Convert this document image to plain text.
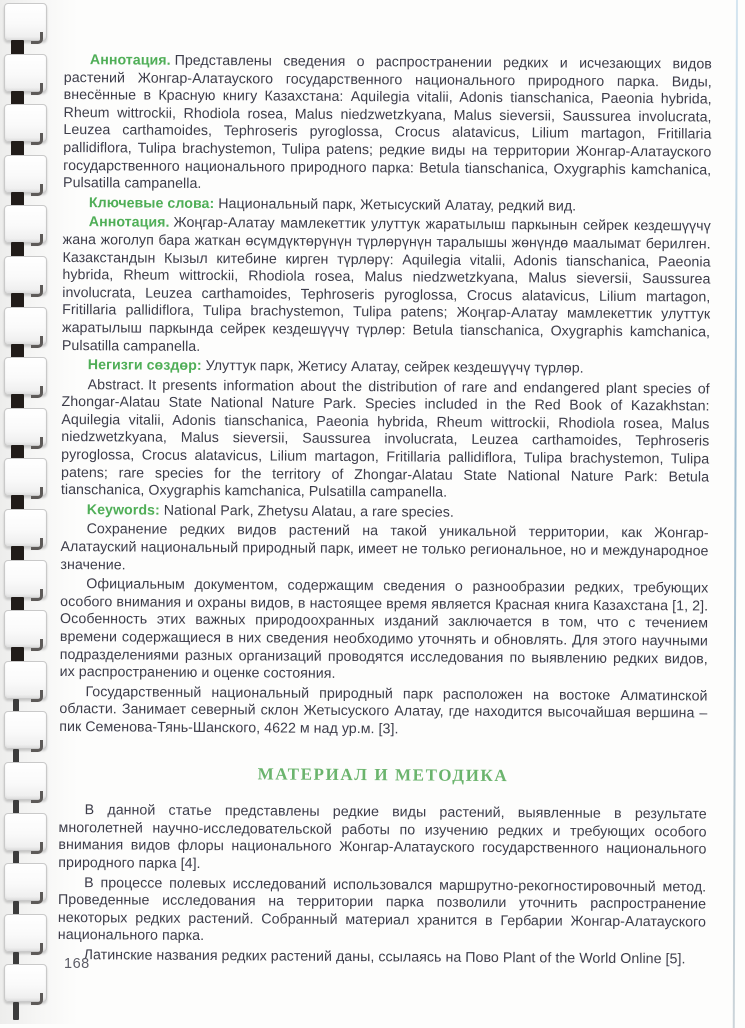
Аннотация. Представлены сведения о распространении редких и исчезающих видов растений Жонгар-Алатауского государственного национального природного парка. Виды, внесённые в Красную книгу Казахстана: Aquilegia vitalii, Adonis tianschanica, Paeonia hybrida, Rheum wittrockii, Rhodiola rosea, Malus niedzwetzkyana, Malus sieversii, Saussurea involucrata, Leuzea carthamoides, Tephroseris pyroglossa, Crocus alatavicus, Lilium martagon, Fritillaria pallidiflora, Tulipa brachystemon, Tulipa patens; редкие виды на территории Жонгар-Алатауского государственного национального природного парка: Betula tianschanica, Oxygraphis kamchanica, Pulsatilla campanella.

Ключевые слова: Национальный парк, Жетысуский Алатау, редкий вид.

Аннотация. Жоңгар-Алатау мамлекеттик улуттук жаратылыш паркынын сейрек кездешүүчү жана жоголуп бара жаткан өсүмдүктөрүнүн түрлөрүнүн таралышы жөнүндө маалымат берилген. Казакстандын Кызыл китебине кирген түрлөрү: Aquilegia vitalii, Adonis tianschanica, Paeonia hybrida, Rheum wittrockii, Rhodiola rosea, Malus niedzwetzkyana, Malus sieversii, Saussurea involucrata, Leuzea carthamoides, Tephroseris pyroglossa, Crocus alatavicus, Lilium martagon, Fritillaria pallidiflora, Tulipa brachystemon, Tulipa patens; Жоңгар-Алатау мамлекеттик улуттук жаратылыш паркында сейрек кездешүүчү түрлөр: Betula tianschanica, Oxygraphis kamchanica, Pulsatilla campanella.

Негизги сөздөр: Улуттук парк, Жетису Алатау, сейрек кездешүүчү түрлөр.

Abstract. It presents information about the distribution of rare and endangered plant species of Zhongar-Alatau State National Nature Park. Species included in the Red Book of Kazakhstan: Aquilegia vitalii, Adonis tianschanica, Paeonia hybrida, Rheum wittrockii, Rhodiola rosea, Malus niedzwetzkyana, Malus sieversii, Saussurea involucrata, Leuzea carthamoides, Tephroseris pyroglossa, Crocus alatavicus, Lilium martagon, Fritillaria pallidiflora, Tulipa brachystemon, Tulipa patens; rare species for the territory of Zhongar-Alatau State National Nature Park: Betula tianschanica, Oxygraphis kamchanica, Pulsatilla campanella.

Keywords: National Park, Zhetysu Alatau, a rare species.

Сохранение редких видов растений на такой уникальной территории, как Жонгар-Алатауский национальный природный парк, имеет не только региональное, но и международное значение.

Официальным документом, содержащим сведения о разнообразии редких, требующих особого внимания и охраны видов, в настоящее время является Красная книга Казахстана [1, 2]. Особенность этих важных природоохранных изданий заключается в том, что с течением времени содержащиеся в них сведения необходимо уточнять и обновлять. Для этого научными подразделениями разных организаций проводятся исследования по выявлению редких видов, их распространению и оценке состояния.

Государственный национальный природный парк расположен на востоке Алматинской области. Занимает северный склон Жетысуского Алатау, где находится высочайшая вершина – пик Семенова-Тянь-Шанского, 4622 м над ур.м. [3].

МАТЕРИАЛ И МЕТОДИКА

В данной статье представлены редкие виды растений, выявленные в результате многолетней научно-исследовательской работы по изучению редких и требующих особого внимания видов флоры национального Жонгар-Алатауского государственного национального природного парка [4].

В процессе полевых исследований использовался маршрутно-рекогностировочный метод. Проведенные исследования на территории парка позволили уточнить распространение некоторых редких растений. Собранный материал хранится в Гербарии Жонгар-Алатауского национального парка.

Латинские названия редких растений даны, ссылаясь на Пово Plant of the World Online [5].

168
